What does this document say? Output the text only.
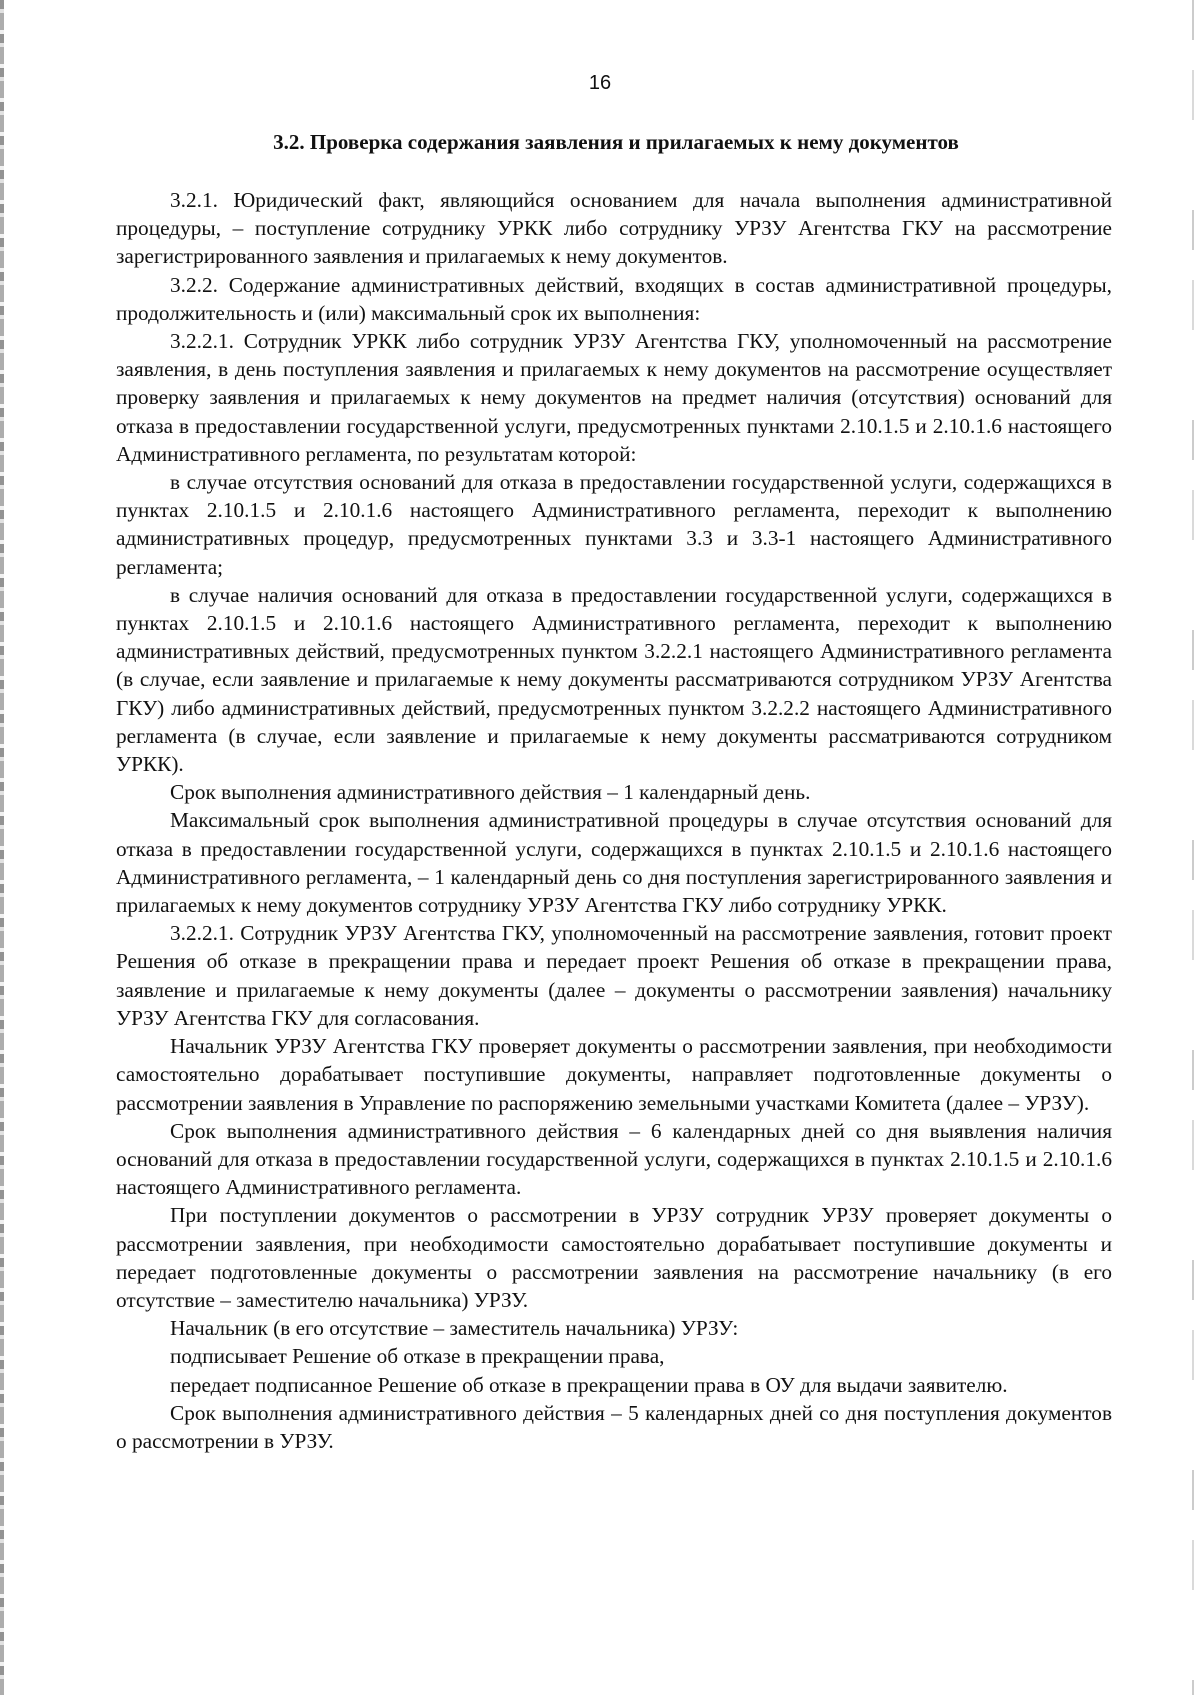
16
3.2. Проверка содержания заявления и прилагаемых к нему документов

3.2.1. Юридический факт, являющийся основанием для начала выполнения административной процедуры, – поступление сотруднику УРКК либо сотруднику УРЗУ Агентства ГКУ на рассмотрение зарегистрированного заявления и прилагаемых к нему документов.

3.2.2. Содержание административных действий, входящих в состав административной процедуры, продолжительность и (или) максимальный срок их выполнения:

3.2.2.1. Сотрудник УРКК либо сотрудник УРЗУ Агентства ГКУ, уполномоченный на рассмотрение заявления, в день поступления заявления и прилагаемых к нему документов на рассмотрение осуществляет проверку заявления и прилагаемых к нему документов на предмет наличия (отсутствия) оснований для отказа в предоставлении государственной услуги, предусмотренных пунктами 2.10.1.5 и 2.10.1.6 настоящего Административного регламента, по результатам которой:

в случае отсутствия оснований для отказа в предоставлении государственной услуги, содержащихся в пунктах 2.10.1.5 и 2.10.1.6 настоящего Административного регламента, переходит к выполнению административных процедур, предусмотренных пунктами 3.3 и 3.3-1 настоящего Административного регламента;

в случае наличия оснований для отказа в предоставлении государственной услуги, содержащихся в пунктах 2.10.1.5 и 2.10.1.6 настоящего Административного регламента, переходит к выполнению административных действий, предусмотренных пунктом 3.2.2.1 настоящего Административного регламента (в случае, если заявление и прилагаемые к нему документы рассматриваются сотрудником УРЗУ Агентства ГКУ) либо административных действий, предусмотренных пунктом 3.2.2.2 настоящего Административного регламента (в случае, если заявление и прилагаемые к нему документы рассматриваются сотрудником УРКК).

Срок выполнения административного действия – 1 календарный день.

Максимальный срок выполнения административной процедуры в случае отсутствия оснований для отказа в предоставлении государственной услуги, содержащихся в пунктах 2.10.1.5 и 2.10.1.6 настоящего Административного регламента, – 1 календарный день со дня поступления зарегистрированного заявления и прилагаемых к нему документов сотруднику УРЗУ Агентства ГКУ либо сотруднику УРКК.

3.2.2.1. Сотрудник УРЗУ Агентства ГКУ, уполномоченный на рассмотрение заявления, готовит проект Решения об отказе в прекращении права и передает проект Решения об отказе в прекращении права, заявление и прилагаемые к нему документы (далее – документы о рассмотрении заявления) начальнику УРЗУ Агентства ГКУ для согласования.

Начальник УРЗУ Агентства ГКУ проверяет документы о рассмотрении заявления, при необходимости самостоятельно дорабатывает поступившие документы, направляет подготовленные документы о рассмотрении заявления в Управление по распоряжению земельными участками Комитета (далее – УРЗУ).

Срок выполнения административного действия – 6 календарных дней со дня выявления наличия оснований для отказа в предоставлении государственной услуги, содержащихся в пунктах 2.10.1.5 и 2.10.1.6 настоящего Административного регламента.

При поступлении документов о рассмотрении в УРЗУ сотрудник УРЗУ проверяет документы о рассмотрении заявления, при необходимости самостоятельно дорабатывает поступившие документы и передает подготовленные документы о рассмотрении заявления на рассмотрение начальнику (в его отсутствие – заместителю начальника) УРЗУ.

Начальник (в его отсутствие – заместитель начальника) УРЗУ:

подписывает Решение об отказе в прекращении права,

передает подписанное Решение об отказе в прекращении права в ОУ для выдачи заявителю.

Срок выполнения административного действия – 5 календарных дней со дня поступления документов о рассмотрении в УРЗУ.
